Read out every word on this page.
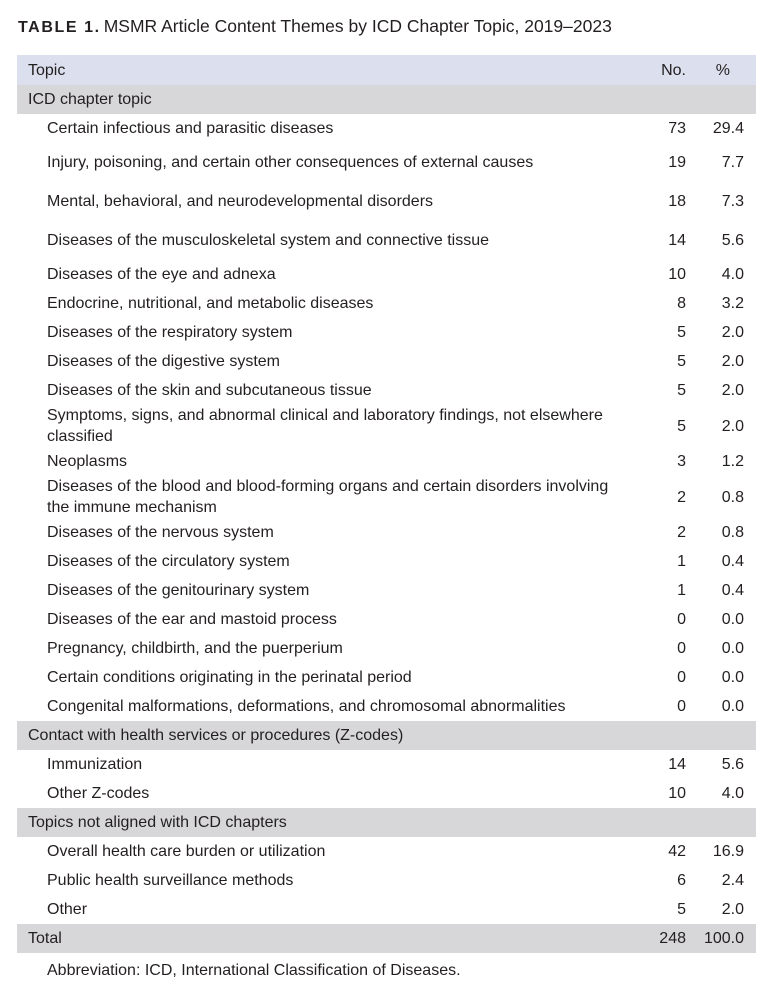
TABLE 1. MSMR Article Content Themes by ICD Chapter Topic, 2019–2023
Topic	No.	%
ICD chapter topic		
Certain infectious and parasitic diseases	73	29.4
Injury, poisoning, and certain other consequences of external causes	19	7.7
Mental, behavioral, and neurodevelopmental disorders	18	7.3
Diseases of the musculoskeletal system and connective tissue	14	5.6
Diseases of the eye and adnexa	10	4.0
Endocrine, nutritional, and metabolic diseases	8	3.2
Diseases of the respiratory system	5	2.0
Diseases of the digestive system	5	2.0
Diseases of the skin and subcutaneous tissue	5	2.0
Symptoms, signs, and abnormal clinical and laboratory findings, not elsewhere classified	5	2.0
Neoplasms	3	1.2
Diseases of the blood and blood-forming organs and certain disorders involving the immune mechanism	2	0.8
Diseases of the nervous system	2	0.8
Diseases of the circulatory system	1	0.4
Diseases of the genitourinary system	1	0.4
Diseases of the ear and mastoid process	0	0.0
Pregnancy, childbirth, and the puerperium	0	0.0
Certain conditions originating in the perinatal period	0	0.0
Congenital malformations, deformations, and chromosomal abnormalities	0	0.0
Contact with health services or procedures (Z-codes)		
Immunization	14	5.6
Other Z-codes	10	4.0
Topics not aligned with ICD chapters		
Overall health care burden or utilization	42	16.9
Public health surveillance methods	6	2.4
Other	5	2.0
Total	248	100.0
Abbreviation: ICD, International Classification of Diseases.
